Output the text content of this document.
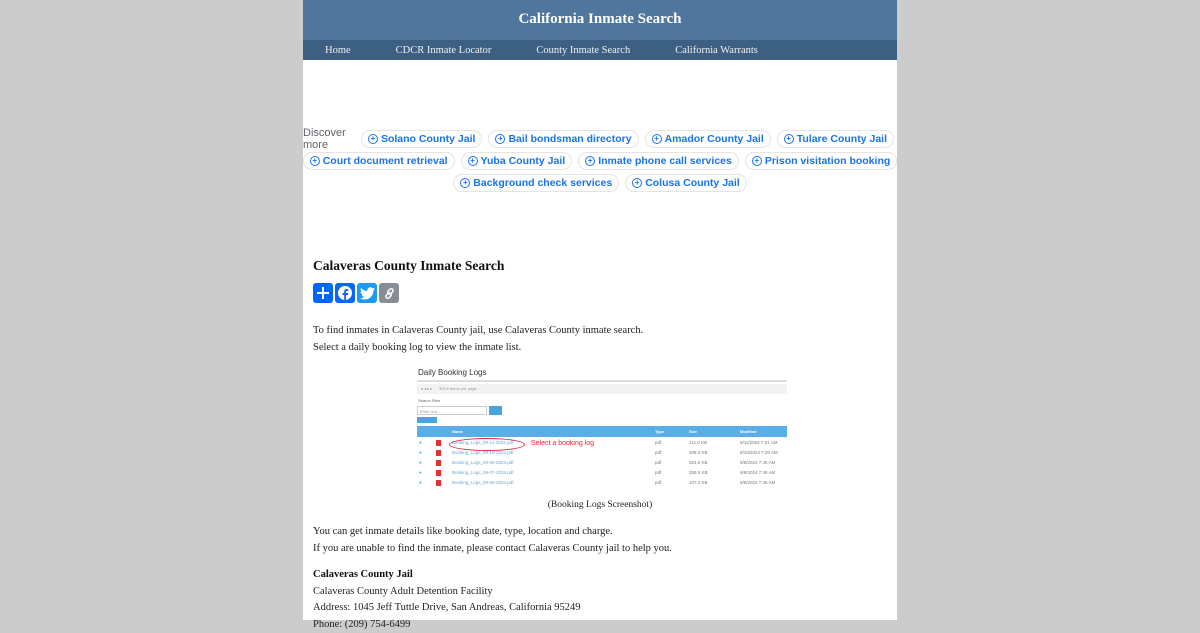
California Inmate Search
Home	CDCR Inmate Locator	County Inmate Search	California Warrants
Discover more
+ Solano County Jail	+ Bail bondsman directory	+ Amador County Jail	+ Tulare County Jail
+ Court document retrieval	+ Yuba County Jail	+ Inmate phone call services	+ Prison visitation booking
+ Background check services	+ Colusa County Jail
Calaveras County Inmate Search

To find inmates in Calaveras County jail, use Calaveras County inmate search.

Select a daily booking log to view the inmate list.

Daily Booking Logs
◂ ◂ ▸ ▸      300 ▾ Items per page
Search Files
Enter text...
Name	Type	Size	Modified
●	Booking_Logs_09-11-2024.pdf	pdf	211.0 KB	9/11/2024 7:31 AM
●	Booking_Logs_09-10-2024.pdf	pdf	208.4 KB	9/10/2024 7:20 AM
●	Booking_Logs_09-08-2024.pdf	pdf	324.0 KB	9/9/2024 7:46 AM
●	Booking_Logs_09-07-2024.pdf	pdf	258.0 KB	9/9/2024 7:46 AM
●	Booking_Logs_09-06-2024.pdf	pdf	107.2 KB	9/9/2024 7:46 AM
Select a booking log
(Booking Logs Screenshot)

You can get inmate details like booking date, type, location and charge.

If you are unable to find the inmate, please contact Calaveras County jail to help you.

Calaveras County Jail

Calaveras County Adult Detention Facility

Address: 1045 Jeff Tuttle Drive, San Andreas, California 95249

Phone: (209) 754-6499
